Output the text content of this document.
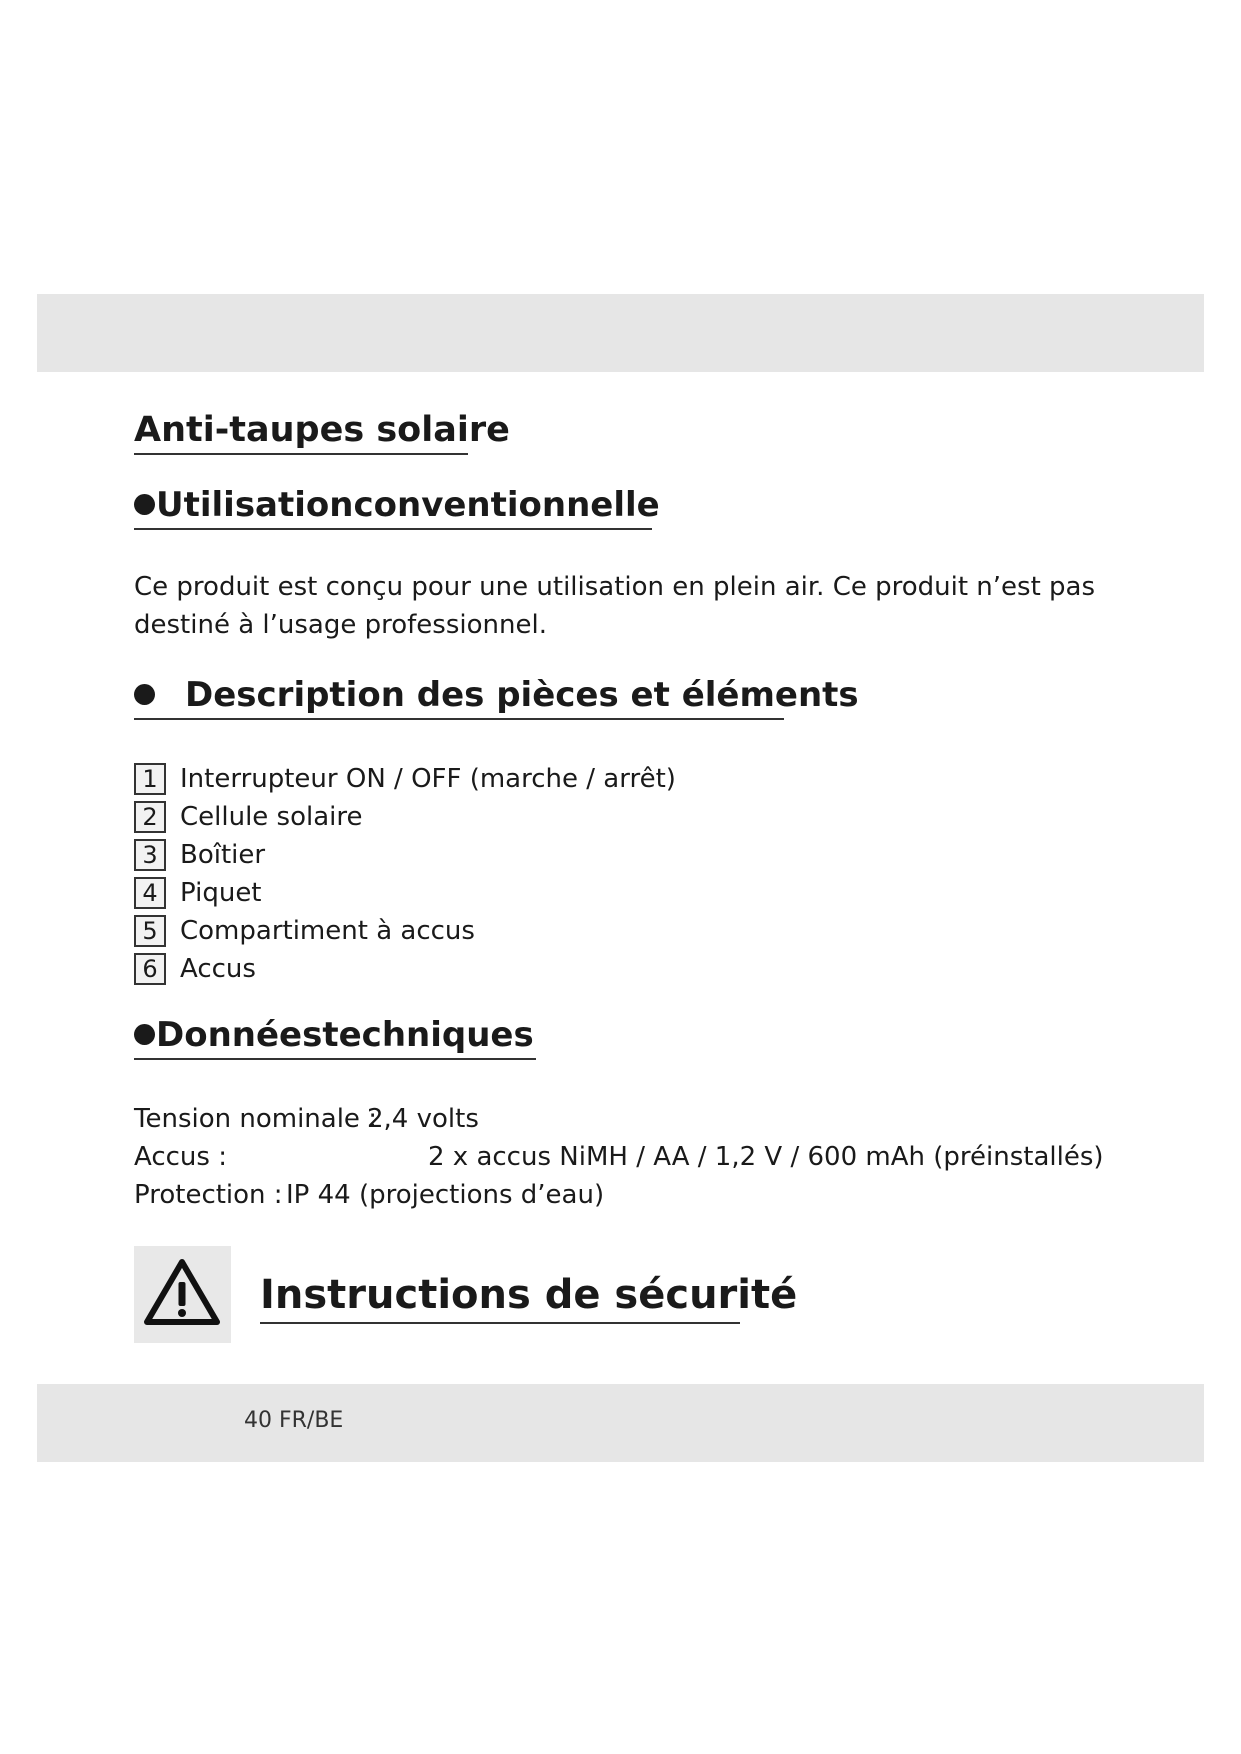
Anti-taupes solaire
Utilisationconventionnelle
Ce produit est conçu pour une utilisation en plein air. Ce produit n’est pas destiné à l’usage professionnel.
Description des pièces et éléments
1 Interrupteur ON / OFF (marche / arrêt)
2 Cellule solaire
3 Boîtier
4 Piquet
5 Compartiment à accus
6 Accus
Donnéestechniques
Tension nominale :
2,4 volts
Accus :	2 x accus NiMH / AA / 1,2 V / 600 mAh (préinstallés)
Protection : IP 44 (projections d’eau)
Instructions de sécurité
40 FR/BE
